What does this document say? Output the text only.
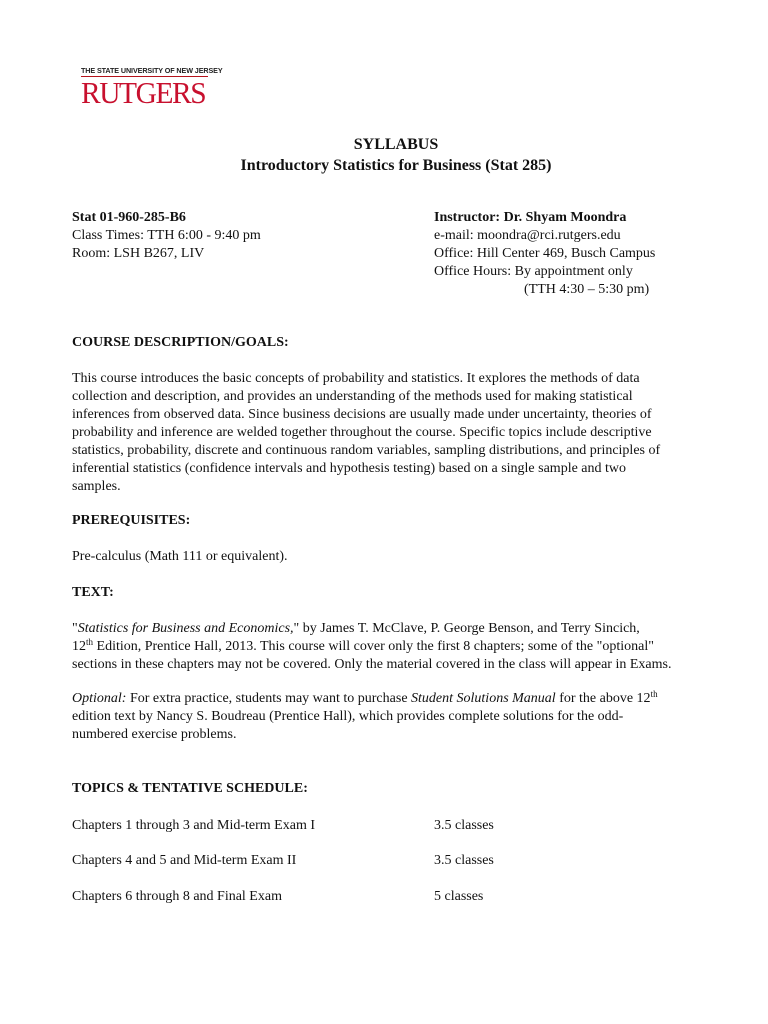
THE STATE UNIVERSITY OF NEW JERSEY
RUTGERS
SYLLABUS
Introductory Statistics for Business (Stat 285)
Stat 01-960-285-B6
Class Times: TTH 6:00 - 9:40 pm
Room: LSH B267, LIV
Instructor: Dr. Shyam Moondra
e-mail: moondra@rci.rutgers.edu
Office: Hill Center 469, Busch Campus
Office Hours: By appointment only
(TTH 4:30 – 5:30 pm)
COURSE DESCRIPTION/GOALS:
This course introduces the basic concepts of probability and statistics. It explores the methods of data
collection and description, and provides an understanding of the methods used for making statistical
inferences from observed data. Since business decisions are usually made under uncertainty, theories of
probability and inference are welded together throughout the course. Specific topics include descriptive
statistics, probability, discrete and continuous random variables, sampling distributions, and principles of
inferential statistics (confidence intervals and hypothesis testing) based on a single sample and two
samples.
PREREQUISITES:
Pre-calculus (Math 111 or equivalent).
TEXT:
"Statistics for Business and Economics," by James T. McClave, P. George Benson, and Terry Sincich,
12th Edition, Prentice Hall, 2013. This course will cover only the first 8 chapters; some of the "optional"
sections in these chapters may not be covered. Only the material covered in the class will appear in Exams.
Optional: For extra practice, students may want to purchase Student Solutions Manual for the above 12th
edition text by Nancy S. Boudreau (Prentice Hall), which provides complete solutions for the odd-
numbered exercise problems.
TOPICS & TENTATIVE SCHEDULE:
Chapters 1 through 3 and Mid-term Exam I	3.5 classes
Chapters 4 and 5 and Mid-term Exam II	3.5 classes
Chapters 6 through 8 and Final Exam	5 classes
